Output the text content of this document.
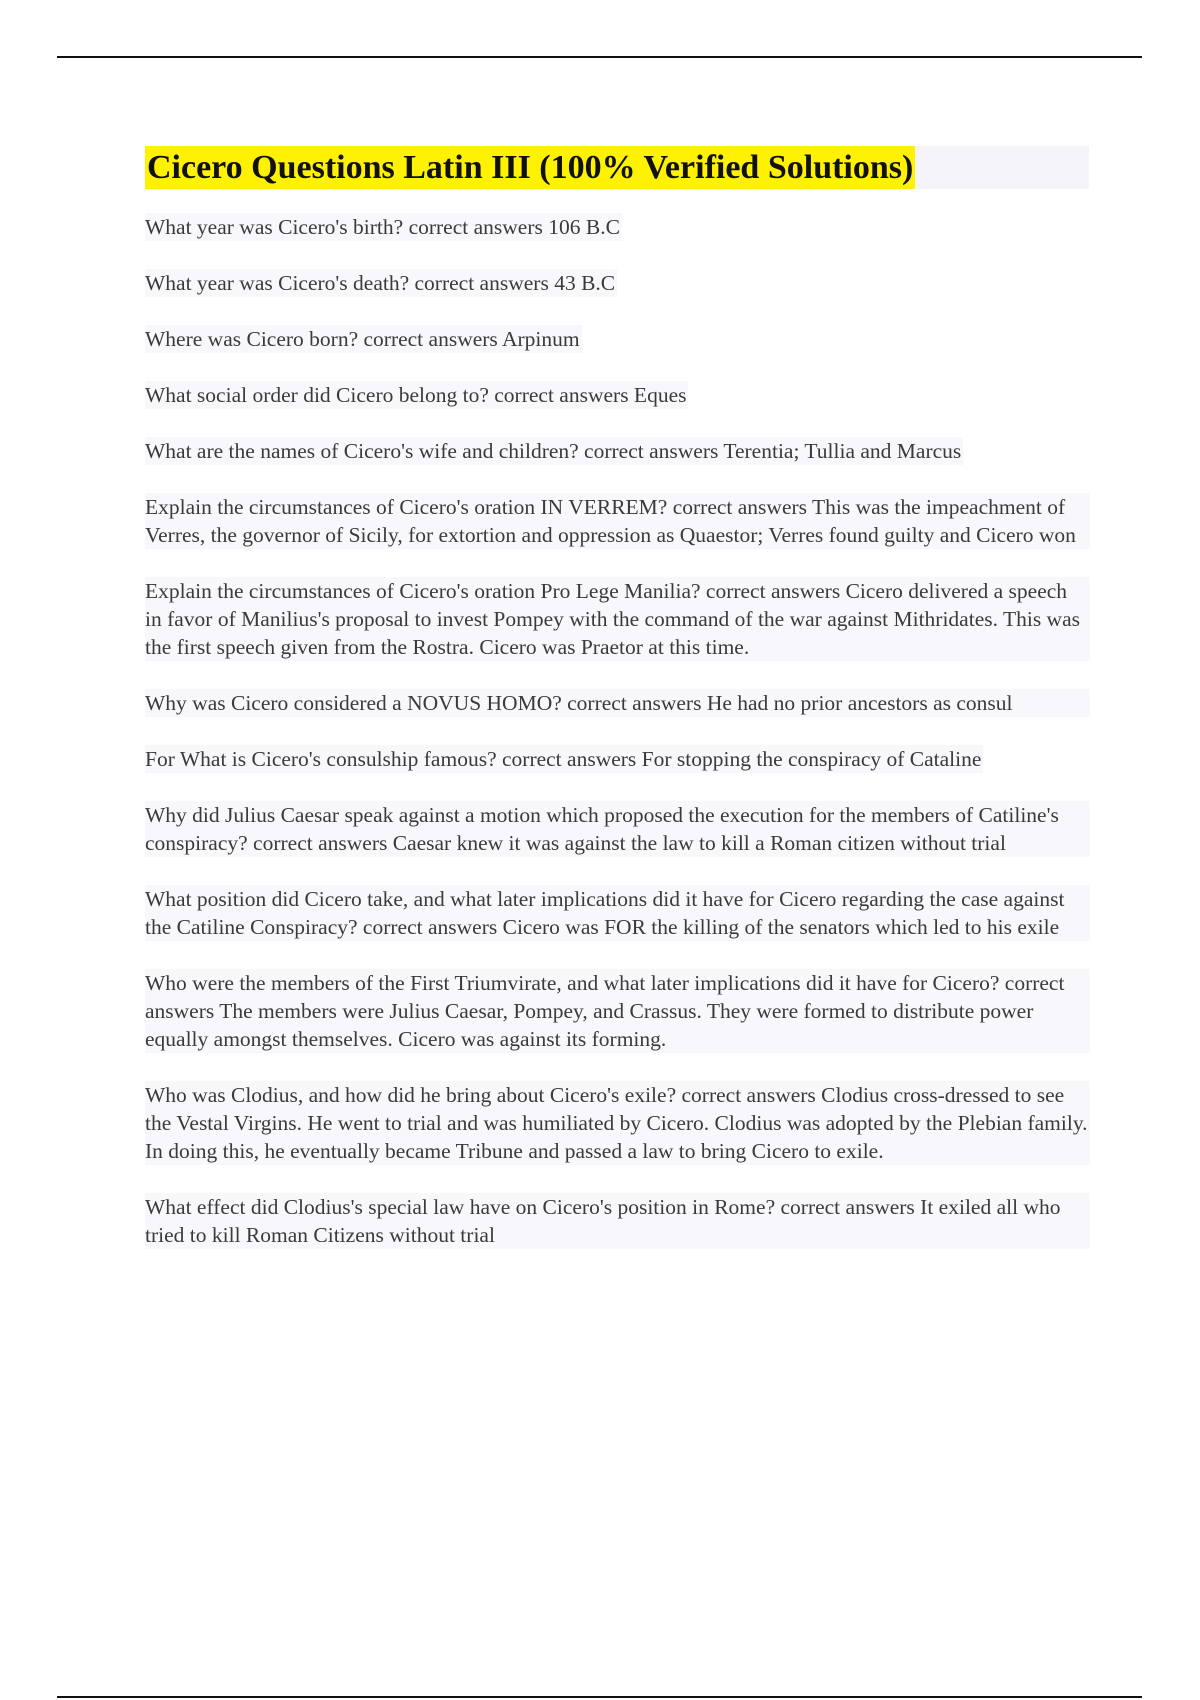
Cicero Questions Latin III (100% Verified Solutions)
What year was Cicero's birth? correct answers 106 B.C
What year was Cicero's death? correct answers 43 B.C
Where was Cicero born? correct answers Arpinum
What social order did Cicero belong to? correct answers Eques
What are the names of Cicero's wife and children? correct answers Terentia; Tullia and Marcus
Explain the circumstances of Cicero's oration IN VERREM? correct answers This was the impeachment of Verres, the governor of Sicily, for extortion and oppression as Quaestor; Verres found guilty and Cicero won
Explain the circumstances of Cicero's oration Pro Lege Manilia? correct answers Cicero delivered a speech in favor of Manilius's proposal to invest Pompey with the command of the war against Mithridates. This was the first speech given from the Rostra. Cicero was Praetor at this time.
Why was Cicero considered a NOVUS HOMO? correct answers He had no prior ancestors as consul
For What is Cicero's consulship famous? correct answers For stopping the conspiracy of Cataline
Why did Julius Caesar speak against a motion which proposed the execution for the members of Catiline's conspiracy? correct answers Caesar knew it was against the law to kill a Roman citizen without trial
What position did Cicero take, and what later implications did it have for Cicero regarding the case against the Catiline Conspiracy? correct answers Cicero was FOR the killing of the senators which led to his exile
Who were the members of the First Triumvirate, and what later implications did it have for Cicero? correct answers The members were Julius Caesar, Pompey, and Crassus. They were formed to distribute power equally amongst themselves. Cicero was against its forming.
Who was Clodius, and how did he bring about Cicero's exile? correct answers Clodius cross-dressed to see the Vestal Virgins. He went to trial and was humiliated by Cicero. Clodius was adopted by the Plebian family. In doing this, he eventually became Tribune and passed a law to bring Cicero to exile.
What effect did Clodius's special law have on Cicero's position in Rome? correct answers It exiled all who tried to kill Roman Citizens without trial
